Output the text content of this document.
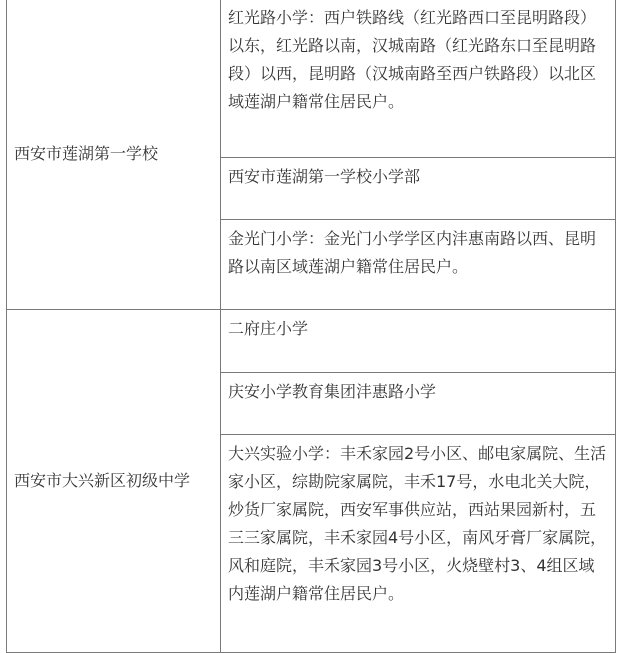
西安市莲湖第一学校	红光路小学：西户铁路线（红光路西口至昆明路段）以东，红光路以南，汉城南路（红光路东口至昆明路段）以西，昆明路（汉城南路至西户铁路段）以北区域莲湖户籍常住居民户。

	西安市莲湖第一学校小学部

	金光门小学：金光门小学学区内沣惠南路以西、昆明路以南区域莲湖户籍常住居民户。

西安市大兴新区初级中学	二府庄小学

	庆安小学教育集团沣惠路小学

	大兴实验小学：丰禾家园2号小区、邮电家属院、生活家小区，综勘院家属院，丰禾17号，水电北关大院，炒货厂家属院，西安军事供应站，西站果园新村，五三三家属院，丰禾家园4号小区，南风牙膏厂家属院，风和庭院，丰禾家园3号小区，火烧壁村3、4组区域内莲湖户籍常住居民户。
